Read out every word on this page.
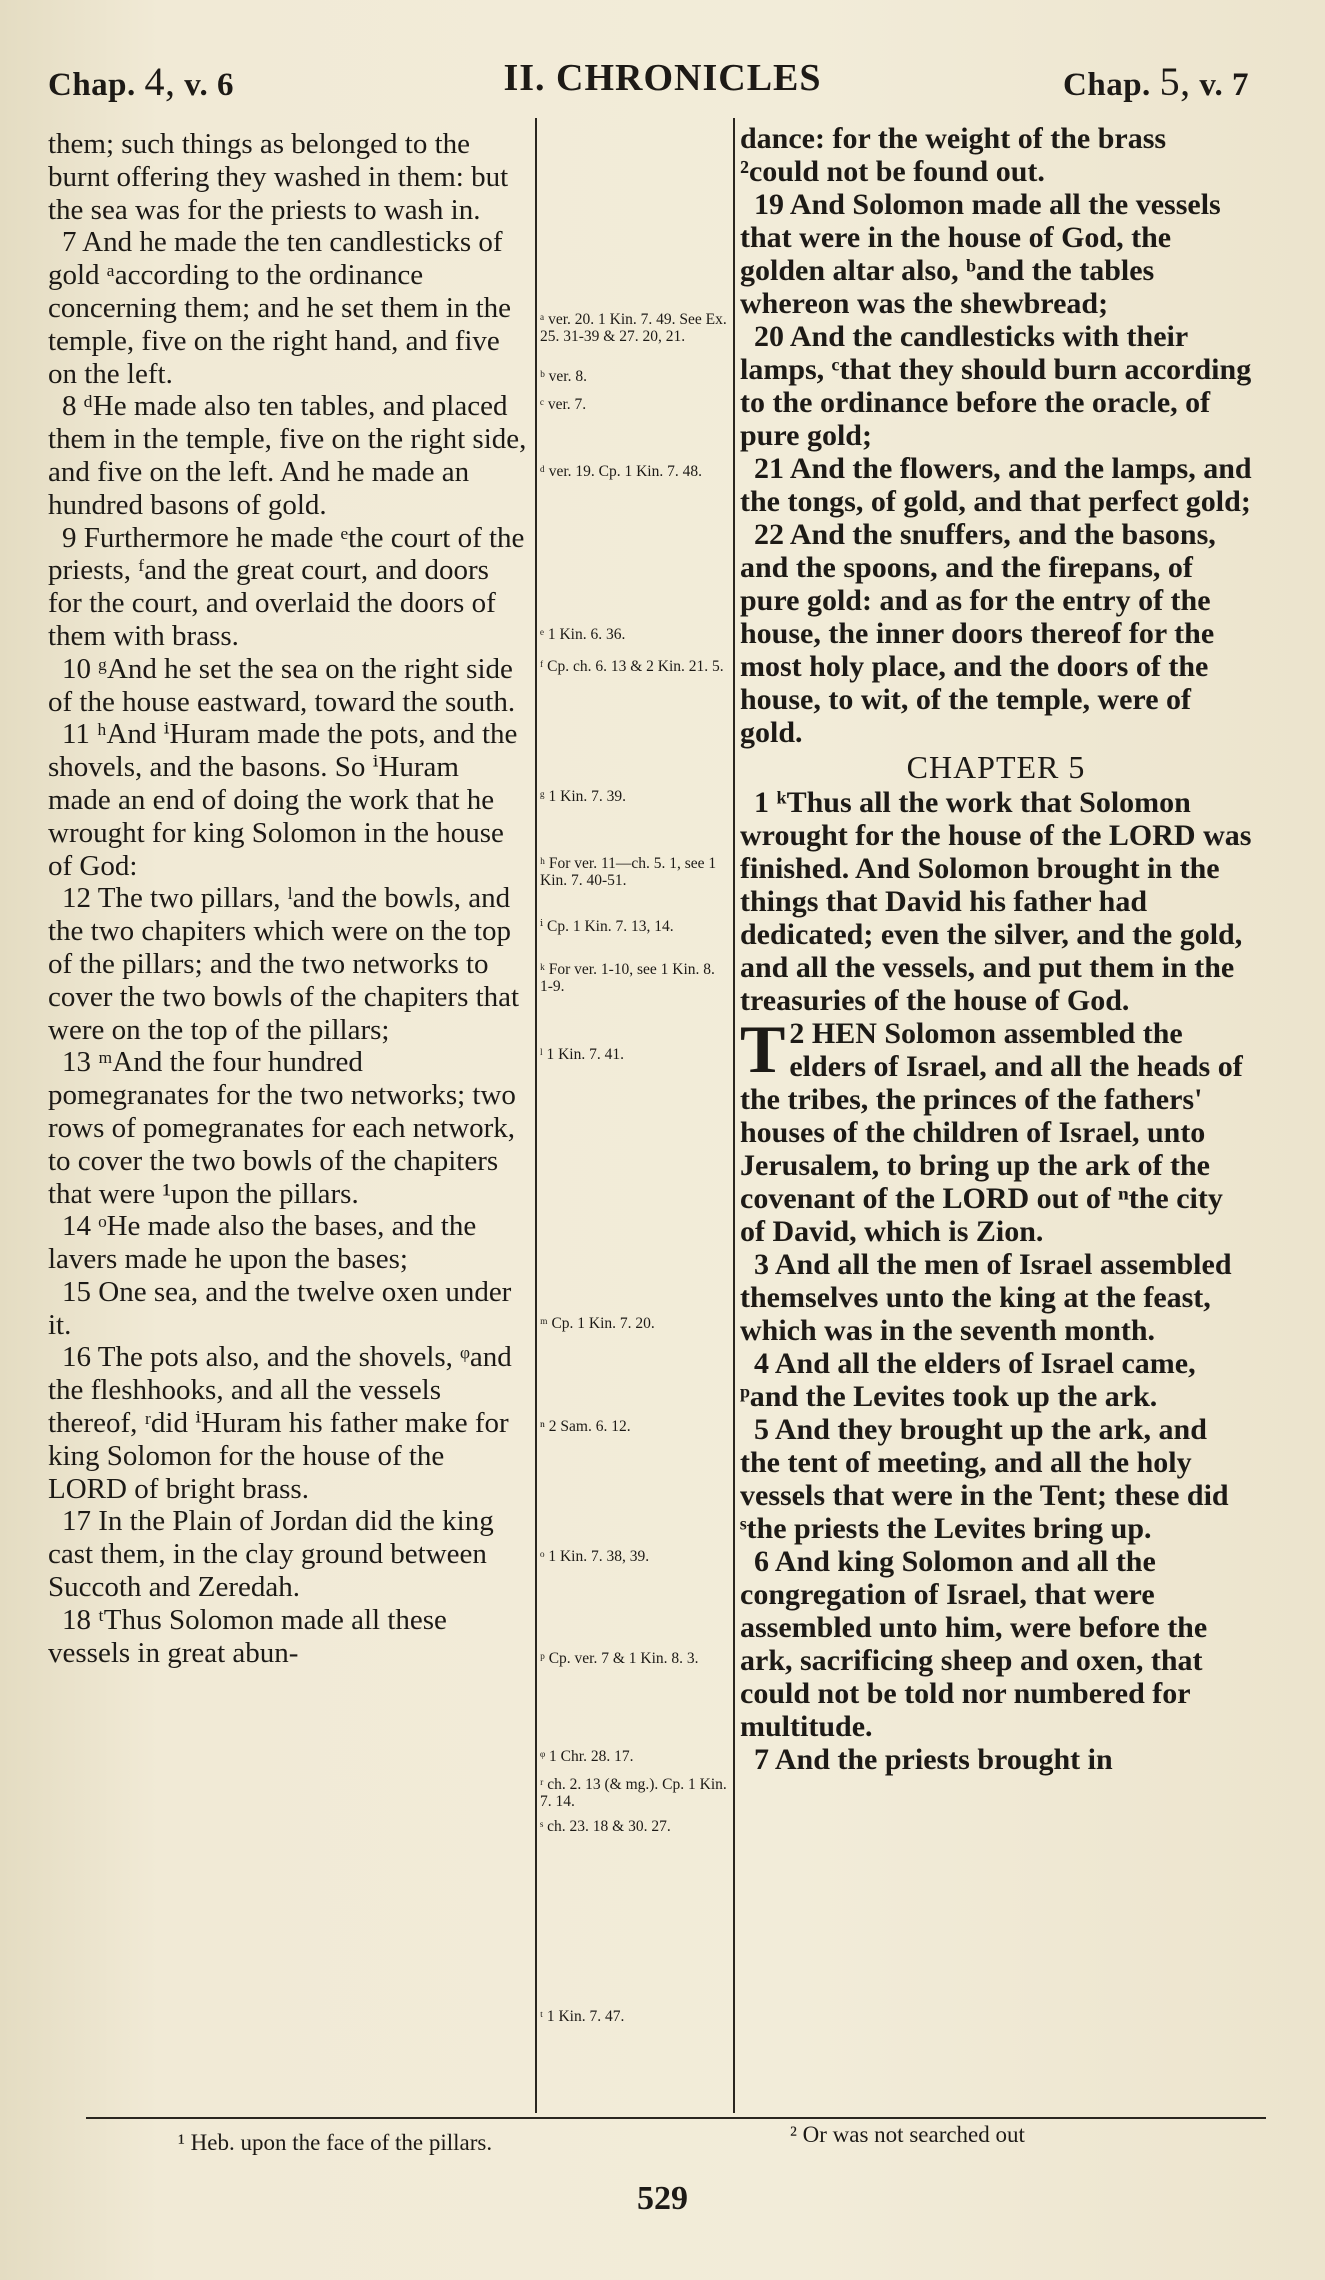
Chap. 4, v. 6	II. CHRONICLES	Chap. 5, v. 7

them; such things as belonged to the burnt offering they washed in them: but the sea was for the priests to wash in.

7 And he made the ten candlesticks of gold ᵃaccording to the ordinance concerning them; and he set them in the temple, five on the right hand, and five on the left.

8 ᵈHe made also ten tables, and placed them in the temple, five on the right side, and five on the left. And he made an hundred basons of gold.

9 Furthermore he made ᵉthe court of the priests, ᶠand the great court, and doors for the court, and overlaid the doors of them with brass.

10 ᵍAnd he set the sea on the right side of the house eastward, toward the south.

11 ʰAnd ⁱHuram made the pots, and the shovels, and the basons. So ⁱHuram made an end of doing the work that he wrought for king Solomon in the house of God:

12 The two pillars, ˡand the bowls, and the two chapiters which were on the top of the pillars; and the two networks to cover the two bowls of the chapiters that were on the top of the pillars;

13 ᵐAnd the four hundred pomegranates for the two networks; two rows of pomegranates for each network, to cover the two bowls of the chapiters that were ¹upon the pillars.

14 ᵒHe made also the bases, and the lavers made he upon the bases;

15 One sea, and the twelve oxen under it.

16 The pots also, and the shovels, ᵠand the fleshhooks, and all the vessels thereof, ʳdid ⁱHuram his father make for king Solomon for the house of the LORD of bright brass.

17 In the Plain of Jordan did the king cast them, in the clay ground between Succoth and Zeredah.

18 ᵗThus Solomon made all these vessels in great abun-

ᵃ ver. 20. 1 Kin. 7. 49. See Ex. 25. 31-39 & 27. 20, 21.
ᵇ ver. 8.
ᶜ ver. 7.
ᵈ ver. 19. Cp. 1 Kin. 7. 48.
ᵉ 1 Kin. 6. 36.
ᶠ Cp. ch. 6. 13 & 2 Kin. 21. 5.
ᵍ 1 Kin. 7. 39.
ʰ For ver. 11—ch. 5. 1, see 1 Kin. 7. 40-51.
ⁱ Cp. 1 Kin. 7. 13, 14.
ᵏ For ver. 1-10, see 1 Kin. 8. 1-9.
ˡ 1 Kin. 7. 41.
ᵐ Cp. 1 Kin. 7. 20.
ⁿ 2 Sam. 6. 12.
ᵒ 1 Kin. 7. 38, 39.
ᵖ Cp. ver. 7 & 1 Kin. 8. 3.
ᵠ 1 Chr. 28. 17.
ʳ ch. 2. 13 (& mg.). Cp. 1 Kin. 7. 14.
ˢ ch. 23. 18 & 30. 27.
ᵗ 1 Kin. 7. 47.

dance: for the weight of the brass ²could not be found out.

19 And Solomon made all the vessels that were in the house of God, the golden altar also, ᵇand the tables whereon was the shewbread;

20 And the candlesticks with their lamps, ᶜthat they should burn according to the ordinance before the oracle, of pure gold;

21 And the flowers, and the lamps, and the tongs, of gold, and that perfect gold;

22 And the snuffers, and the basons, and the spoons, and the firepans, of pure gold: and as for the entry of the house, the inner doors thereof for the most holy place, and the doors of the house, to wit, of the temple, were of gold.

CHAPTER 5

1 ᵏThus all the work that Solomon wrought for the house of the LORD was finished. And Solomon brought in the things that David his father had dedicated; even the silver, and the gold, and all the vessels, and put them in the treasuries of the house of God.

T 2 HEN Solomon assembled the elders of Israel, and all the heads of the tribes, the princes of the fathers' houses of the children of Israel, unto Jerusalem, to bring up the ark of the covenant of the LORD out of ⁿthe city of David, which is Zion.

3 And all the men of Israel assembled themselves unto the king at the feast, which was in the seventh month.

4 And all the elders of Israel came, ᵖand the Levites took up the ark.

5 And they brought up the ark, and the tent of meeting, and all the holy vessels that were in the Tent; these did ˢthe priests the Levites bring up.

6 And king Solomon and all the congregation of Israel, that were assembled unto him, were before the ark, sacrificing sheep and oxen, that could not be told nor numbered for multitude.

7 And the priests brought in

¹ Heb. upon the face of the pillars.	² Or was not searched out
529
